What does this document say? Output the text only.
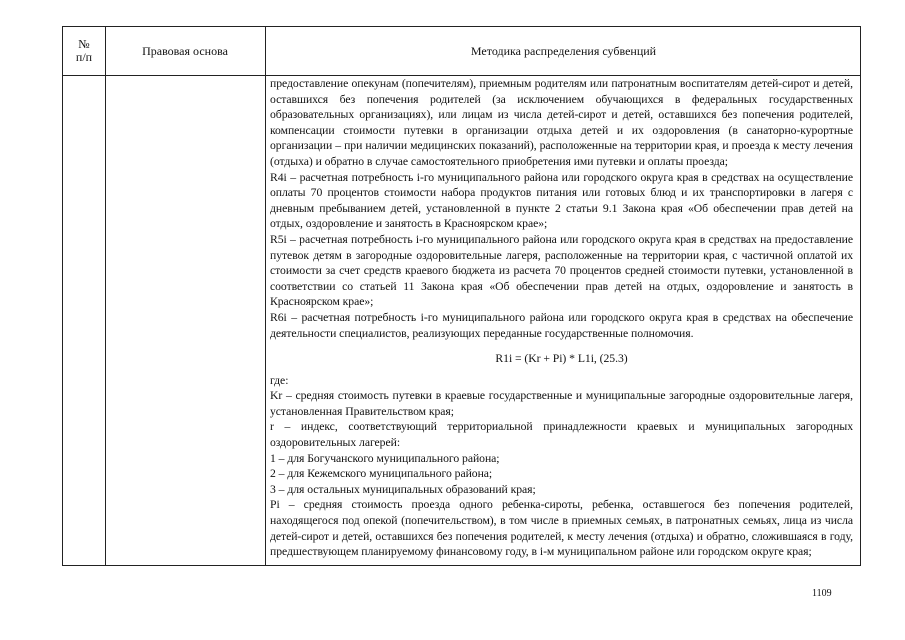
№
п/п	Правовая основа	Методика распределения субвенций

предоставление опекунам (попечителям), приемным родителям или патронатным воспитателям детей-сирот и детей, оставшихся без попечения родителей (за исключением обучающихся в федеральных государственных образовательных организациях), или лицам из числа детей-сирот и детей, оставшихся без попечения родителей, компенсации стоимости путевки в организации отдыха детей и их оздоровления (в санаторно-курортные организации – при наличии медицинских показаний), расположенные на территории края, и проезда к месту лечения (отдыха) и обратно в случае самостоятельного приобретения ими путевки и оплаты проезда;

R4i – расчетная потребность i-го муниципального района или городского округа края в средствах на осуществление оплаты 70 процентов стоимости набора продуктов питания или готовых блюд и их транспортировки в лагеря с дневным пребыванием детей, установленной в пункте 2 статьи 9.1 Закона края «Об обеспечении прав детей на отдых, оздоровление и занятость в Красноярском крае»;

R5i – расчетная потребность i-го муниципального района или городского округа края в средствах на предоставление путевок детям в загородные оздоровительные лагеря, расположенные на территории края, с частичной оплатой их стоимости за счет средств краевого бюджета из расчета 70 процентов средней стоимости путевки, установленной в соответствии со статьей 11 Закона края «Об обеспечении прав детей на отдых, оздоровление и занятость в Красноярском крае»;

R6i – расчетная потребность i-го муниципального района или городского округа края в средствах на обеспечение деятельности специалистов, реализующих переданные государственные полномочия.

R1i = (Kr + Pi) * L1i, (25.3)

где:

Kr – средняя стоимость путевки в краевые государственные и муниципальные загородные оздоровительные лагеря, установленная Правительством края;

r – индекс, соответствующий территориальной принадлежности краевых и муниципальных загородных оздоровительных лагерей:

1 – для Богучанского муниципального района;

2 – для Кежемского муниципального района;

3 – для остальных муниципальных образований края;

Pi – средняя стоимость проезда одного ребенка-сироты, ребенка, оставшегося без попечения родителей, находящегося под опекой (попечительством), в том числе в приемных семьях, в патронатных семьях, лица из числа детей-сирот и детей, оставшихся без попечения родителей, к месту лечения (отдыха) и обратно, сложившаяся в году, предшествующем планируемому финансовому году, в i-м муниципальном районе или городском округе края;

1109
